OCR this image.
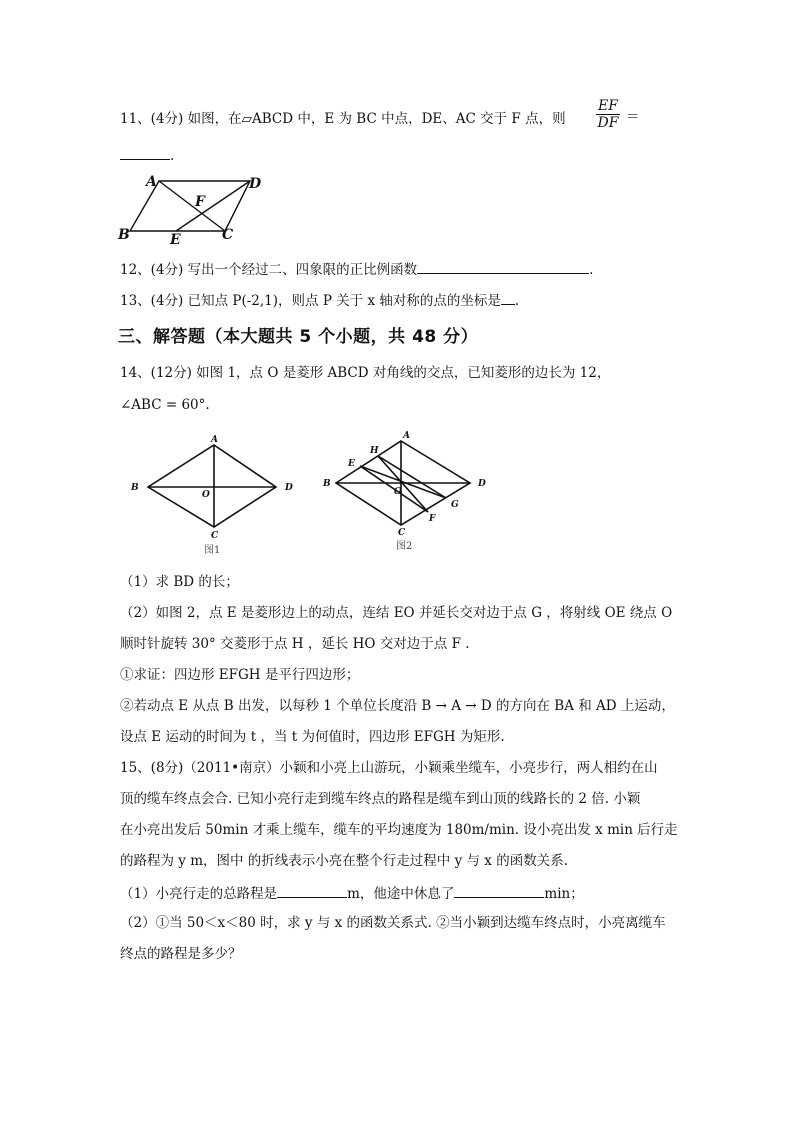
11、(4分) 如图，在▱ABCD 中，E 为 BC 中点，DE、AC 交于 F 点，则 $\frac{EF}{DF}$ ＝
.
A	D
B	C
E
F
12、(4分) 写出一个经过二、四象限的正比例函数	.
13、(4分) 已知点 P(-2,1)，则点 P 关于 x 轴对称的点的坐标是 .
三、解答题（本大题共 5 个小题，共 48 分）
14、(12分) 如图 1，点 O 是菱形 ABCD 对角线的交点，已知菱形的边长为 12，
∠ABC = 60°.
A
B
C
D
O
图1
A
B
C
D
O
E
H
F
G
图2
（1）求 BD 的长；
（2）如图 2，点 E 是菱形边上的动点，连结 EO 并延长交对边于点 G ，将射线 OE 绕点 O
顺时针旋转 30° 交菱形于点 H ，延长 HO 交对边于点 F .
①求证：四边形 EFGH 是平行四边形；
②若动点 E 从点 B 出发，以每秒 1 个单位长度沿 B → A → D 的方向在 BA 和 AD 上运动，
设点 E 运动的时间为 t ，当 t 为何值时，四边形 EFGH 为矩形.
15、(8分)（2011•南京）小颖和小亮上山游玩，小颖乘坐缆车，小亮步行，两人相约在山
顶的缆车终点会合. 已知小亮行走到缆车终点的路程是缆车到山顶的线路长的 2 倍. 小颖
在小亮出发后 50min 才乘上缆车，缆车的平均速度为 180m/min. 设小亮出发 x min 后行走
的路程为 y m，图中 的折线表示小亮在整个行走过程中 y 与 x 的函数关系.
（1）小亮行走的总路程是	m，他途中休息了	min；
（2）①当 50＜x＜80 时，求 y 与 x 的函数关系式. ②当小颖到达缆车终点时，小亮离缆车
终点的路程是多少？
